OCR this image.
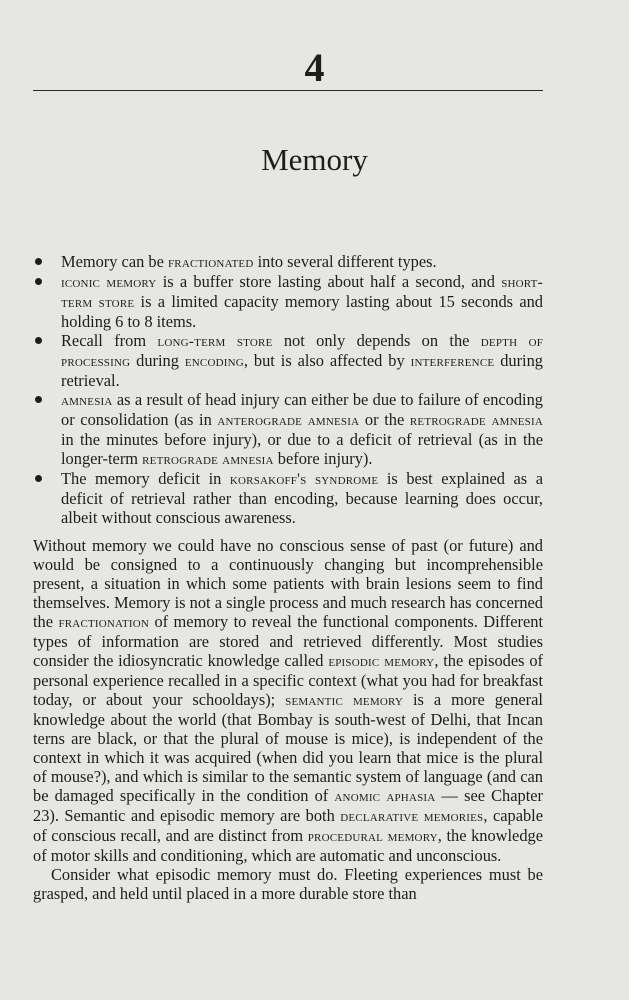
4
Memory
Memory can be fractionated into several different types.
iconic memory is a buffer store lasting about half a second, and short-term store is a limited capacity memory lasting about 15 seconds and holding 6 to 8 items.
Recall from long-term store not only depends on the depth of processing during encoding, but is also affected by interference during retrieval.
amnesia as a result of head injury can either be due to failure of encoding or consolidation (as in anterograde amnesia or the retrograde amnesia in the minutes before injury), or due to a deficit of retrieval (as in the longer-term retrograde amnesia before injury).
The memory deficit in korsakoff's syndrome is best explained as a deficit of retrieval rather than encoding, because learning does occur, albeit without conscious awareness.

Without memory we could have no conscious sense of past (or future) and would be consigned to a continuously changing but incomprehensible present, a situation in which some patients with brain lesions seem to find themselves. Memory is not a single process and much research has concerned the fractionation of memory to reveal the functional components. Different types of information are stored and retrieved differently. Most studies consider the idiosyncratic knowledge called episodic memory, the episodes of personal experience recalled in a specific context (what you had for breakfast today, or about your schooldays); semantic memory is a more general knowledge about the world (that Bombay is south-west of Delhi, that Incan terns are black, or that the plural of mouse is mice), is independent of the context in which it was acquired (when did you learn that mice is the plural of mouse?), and which is similar to the semantic system of language (and can be damaged specifically in the condition of anomic aphasia — see Chapter 23). Semantic and episodic memory are both declarative memories, capable of conscious recall, and are distinct from procedural memory, the knowledge of motor skills and conditioning, which are automatic and unconscious.

Consider what episodic memory must do. Fleeting experiences must be grasped, and held until placed in a more durable store than
